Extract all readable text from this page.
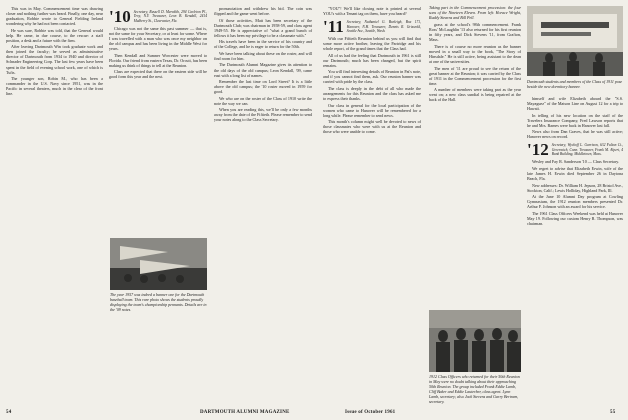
This was in May. Commencement time was drawing closer and nothing further was heard. Finally, one day, near graduation, Robbie wrote to General Fielding Ireland wondering why he had not been contacted.

He was sure, Robbie was told, that the General would help. He came, in due course, to the rescue: a staff position, a desk and a future with the firm.

After leaving Dartmouth Win took graduate work and then joined the faculty; he served as administrative director of Dartmouth from 1934 to 1940 and director of Schnader Engineering Corp. The last few years have been spent in the field of evening school work, one of which is Tufts.

The younger son, Robin M., who has been a commander in the U.S. Navy since 1951, was in the Pacific in several theaters, much in the clear of the front line.

'10 Secretary, Russell D. Meredith, 294 Carleton Pl., Troy, N.Y. Treasurer, Leon B. Kendall, 2414 Mulberry St., Clearwater, Fla.

Chicago was not the same this past summer — that is, not the same for your Secretary, or at least for some. Where I was travelled with a man who was once my neighbor on the old campus and has been living in the Middle West for years.

Then Kendall and Sumner Worcester were moved to Florida. Our friend from eastern Texas, Dr. Orcutt, has been making us think of things to tell at the Reunion.

Class are expected that there on the eastern side will be good form this year and the next.

The year 1957 was indeed a banner one for the Dartmouth baseball team. This rare photo shows the students proudly displaying the team's championship pennants. Details are in the '09 notes.

pronunciation and withdrew his bid. The coin was flipped and the game went before.

Of those activities, Matt has been secretary of the Dartmouth Club; was chairman in 1958-59, and class agent 1949-55. He is appreciative of "what a grand bunch of fellows it has been my privilege to be a classmate with."

His travels have been in the service of his country and of the College, and he is eager to return for the 50th.

We have been talking about these on the roster, and will find room for him.

The Dartmouth Alumni Magazine gives its attention to the old days of the old campus; Leon Kendall, '09, came east with a long list of names.

Remember the last time on Lord Street? It is a little above the old campus; the '10 roster moved in 1959 for good.

We who are on the roster of the Class of 1910 write the note the way we can.

When you are reading this, we'll be only a few months away from the date of the Fiftieth. Please remember to send your notes along to the Class Secretary.

"YOU"! We'll like closing note is printed at several YOU's with a Tenant tag on them, have you heard?

'11 Secretary, Nathaniel G. Burleigh, Box 171, Hanover, N.H. Treasurer, Dennis R. Griswold, Seattle Ave., Seattle, Wash.

With our Fiftieth Reunion behind us you will find that some more active brother, leaving the Partridge and his whole report, of the grand times that the Class had.

All of us had the feeling that Dartmouth in 1961 is still our Dartmouth; much has been changed, but the spirit remains.

You will find interesting details of Reunion in Pat's note, and if you cannot find them, ask. Our reunion banner was carried with pride by the class.

The class is deeply in the debt of all who made the arrangements for this Reunion and the class has asked me to express their thanks.

Our class in general for the local participation of the women who came to Hanover will be remembered for a long while. Please remember to send news.

This month's column might well be devoted to news of those classmates who were with us at the Reunion and those who were unable to come.

Taking part in the Commencement procession: the four sons of the Nineteen Eleven. From left: Horace Wright, Ruddy Stearns and Bill Pell.

grass at the school's 98th commencement. Frank Ross' McLaughlin '13 also returned for his first reunion in fifty years, and Dick Stevens '11, from Grafton, Mass.

There is of course no more reunion as the banner moved in a small way to the book, "The Story of Hinsdale." He is still active, being assistant to the dean at one of the universities.

The men of '11 are proud to see the return of the great banner at the Reunion; it was carried by the Class of 1911 in the Commencement procession for the first time.

A number of members were taking part as the year went on; a new class sundial is being repaired at the back of the Hall.

1912 Class Officers who returned for their 50th Reunion in May were no doubt talking about their approaching 50th Reunion. The group included Frank Eddie Lamb, Cliff Baker and Eddie Lauterber, class agent. Lynn Lamb, secretary; also Jack Stevens and Garry Bertram, secretary.
Dartmouth students and members of the Class of 1911 pose beside the new dormitory banner.

himself and wife Elizabeth aboard the "S.S. Mayaguez" of the Matson Line on August 12 for a trip to Hawaii.

In telling of his new location on the staff of the Travelers Insurance Company, Fred Lawson reports that he and Mrs. Barnes were back in Hanover last fall.

News also from Dan Graves, that he was still active; Hanover news on record.

'12 Secretary, Wyckoff L. Garrison, 632 Fulton Ct., Greenwich, Conn. Treasurer, Frank M. Alpert, 4 Bank Building, Middletown, Mass.

Wesley and Fay R. Sanderson '10 — Class Secretary.

We regret to advise that Elizabeth Erwin, wife of the late James H. Erwin died September 26 in Daytona Beach, Fla.

New addresses: Dr. William H. Jepson, 28 Bristol Ave., Stockton, Calif.; Lewis Holliday, Highland Park, Ill.

At the June 10 Alumni Day program at Cowling Gymnasium, the 1912 reunion members presented Dr. Arthur F. Johnson with an award for his service.

The 1961 Class Officers Weekend was held at Hanover May 19. Following our custom Henry R. Thompson, was chairman.

54	DARTMOUTH ALUMNI MAGAZINE	Issue of October 1961	55
